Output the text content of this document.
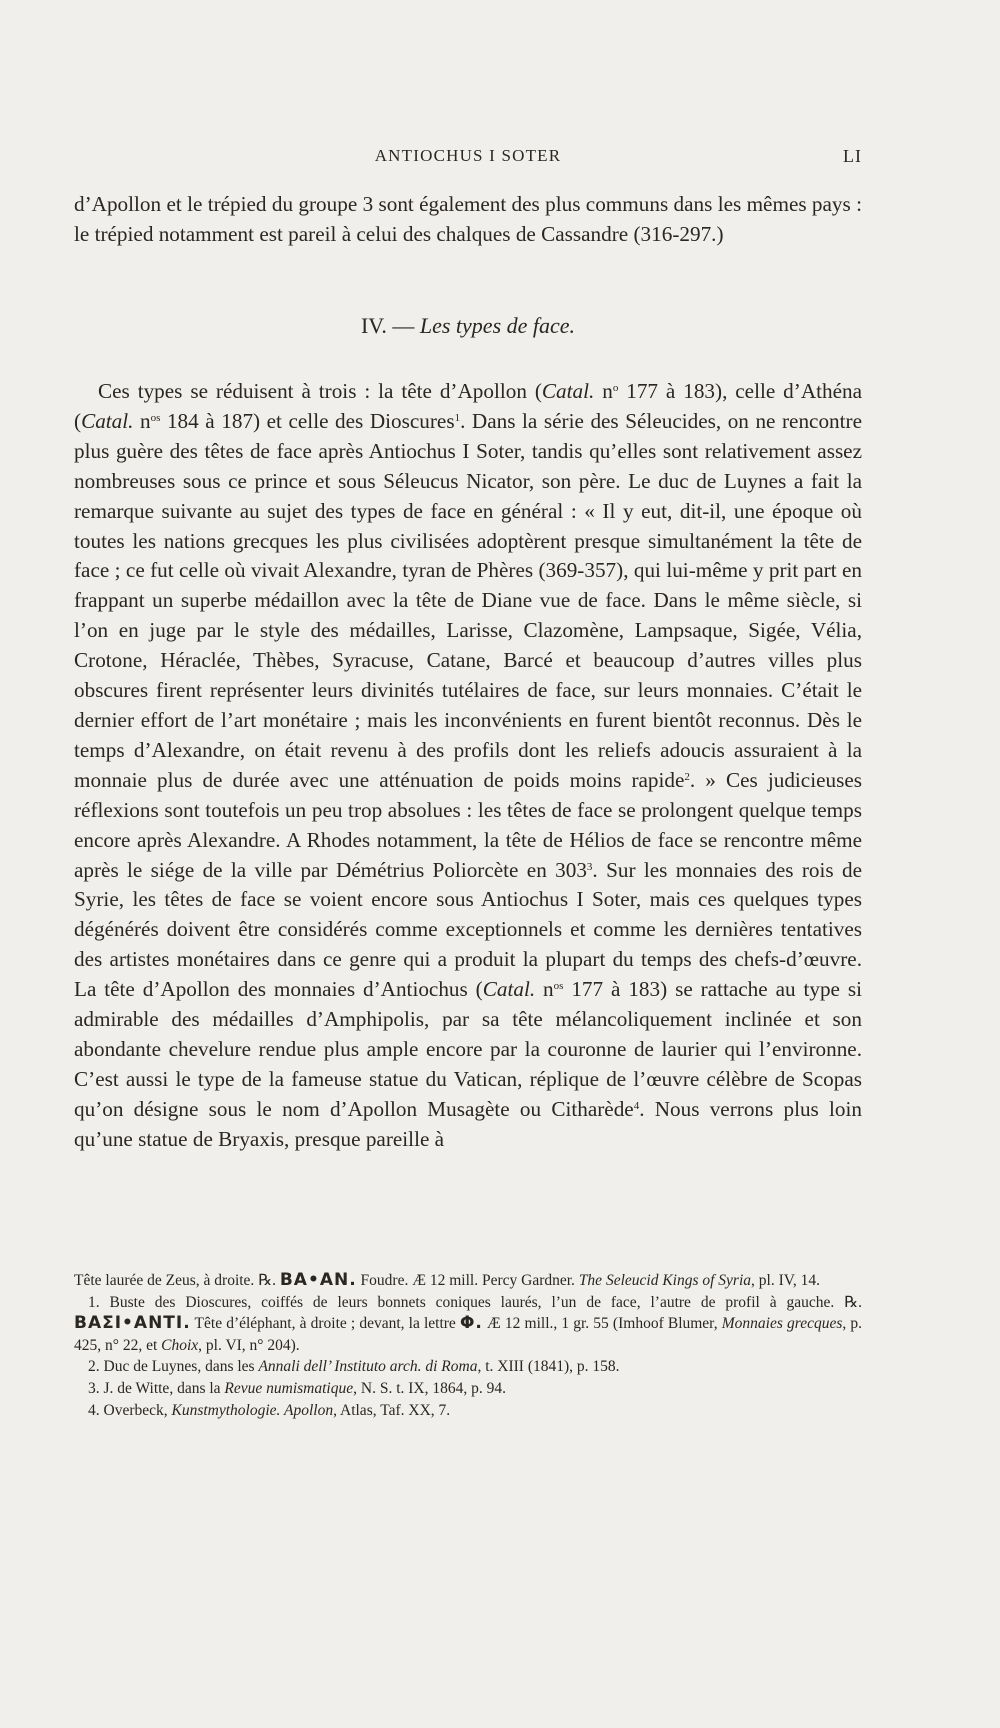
ANTIOCHUS I SOTER	LI
d’Apollon et le trépied du groupe 3 sont également des plus communs dans les mêmes pays : le trépied notamment est pareil à celui des chalques de Cassandre (316-297.)
IV. — Les types de face.
Ces types se réduisent à trois : la tête d’Apollon (Catal. $n^o$ 177 à 183), celle d’Athéna (Catal. $n^{os}$ 184 à 187) et celle des Dioscures$^1$. Dans la série des Séleucides, on ne rencontre plus guère des têtes de face après Antiochus I Soter, tandis qu’elles sont relativement assez nombreuses sous ce prince et sous Séleucus Nicator, son père. Le duc de Luynes a fait la remarque suivante au sujet des types de face en général : « Il y eut, dit-il, une époque où toutes les nations grecques les plus civilisées adoptèrent presque simultanément la tête de face ; ce fut celle où vivait Alexandre, tyran de Phères (369-357), qui lui-même y prit part en frappant un superbe médaillon avec la tête de Diane vue de face. Dans le même siècle, si l’on en juge par le style des médailles, Larisse, Clazomène, Lampsaque, Sigée, Vélia, Crotone, Héraclée, Thèbes, Syracuse, Catane, Barcé et beaucoup d’autres villes plus obscures firent représenter leurs divinités tutélaires de face, sur leurs monnaies. C’était le dernier effort de l’art monétaire ; mais les inconvénients en furent bientôt reconnus. Dès le temps d’Alexandre, on était revenu à des profils dont les reliefs adoucis assuraient à la monnaie plus de durée avec une atténuation de poids moins rapide$^2$. » Ces judicieuses réflexions sont toutefois un peu trop absolues : les têtes de face se prolongent quelque temps encore après Alexandre. A Rhodes notamment, la tête de Hélios de face se rencontre même après le siége de la ville par Démétrius Poliorcète en $303^3$. Sur les monnaies des rois de Syrie, les têtes de face se voient encore sous Antiochus I Soter, mais ces quelques types dégénérés doivent être considérés comme exceptionnels et comme les dernières tentatives des artistes monétaires dans ce genre qui a produit la plupart du temps des chefs-d’œuvre. La tête d’Apollon des monnaies d’Antiochus (Catal. $n^{os}$ 177 à 183) se rattache au type si admirable des médailles d’Amphipolis, par sa tête mélancoliquement inclinée et son abondante chevelure rendue plus ample encore par la couronne de laurier qui l’environne. C’est aussi le type de la fameuse statue du Vatican, réplique de l’œuvre célèbre de Scopas qu’on désigne sous le nom d’Apollon Musagète ou Citharède$^4$. Nous verrons plus loin qu’une statue de Bryaxis, presque pareille à

Tête laurée de Zeus, à droite. ℞. BA•AN. Foudre. Æ 12 mill. Percy Gardner. The Seleucid Kings of Syria, pl. IV, 14.

1. Buste des Dioscures, coiffés de leurs bonnets coniques laurés, l’un de face, l’autre de profil à gauche. ℞. BAΣI•ANTI. Tête d’éléphant, à droite ; devant, la lettre Φ. Æ 12 mill., 1 gr. 55 (Imhoof Blumer, Monnaies grecques, p. 425, n° 22, et Choix, pl. VI, n° 204).

2. Duc de Luynes, dans les Annali dell’ Instituto arch. di Roma, t. XIII (1841), p. 158.

3. J. de Witte, dans la Revue numismatique, N. S. t. IX, 1864, p. 94.

4. Overbeck, Kunstmythologie. Apollon, Atlas, Taf. XX, 7.
